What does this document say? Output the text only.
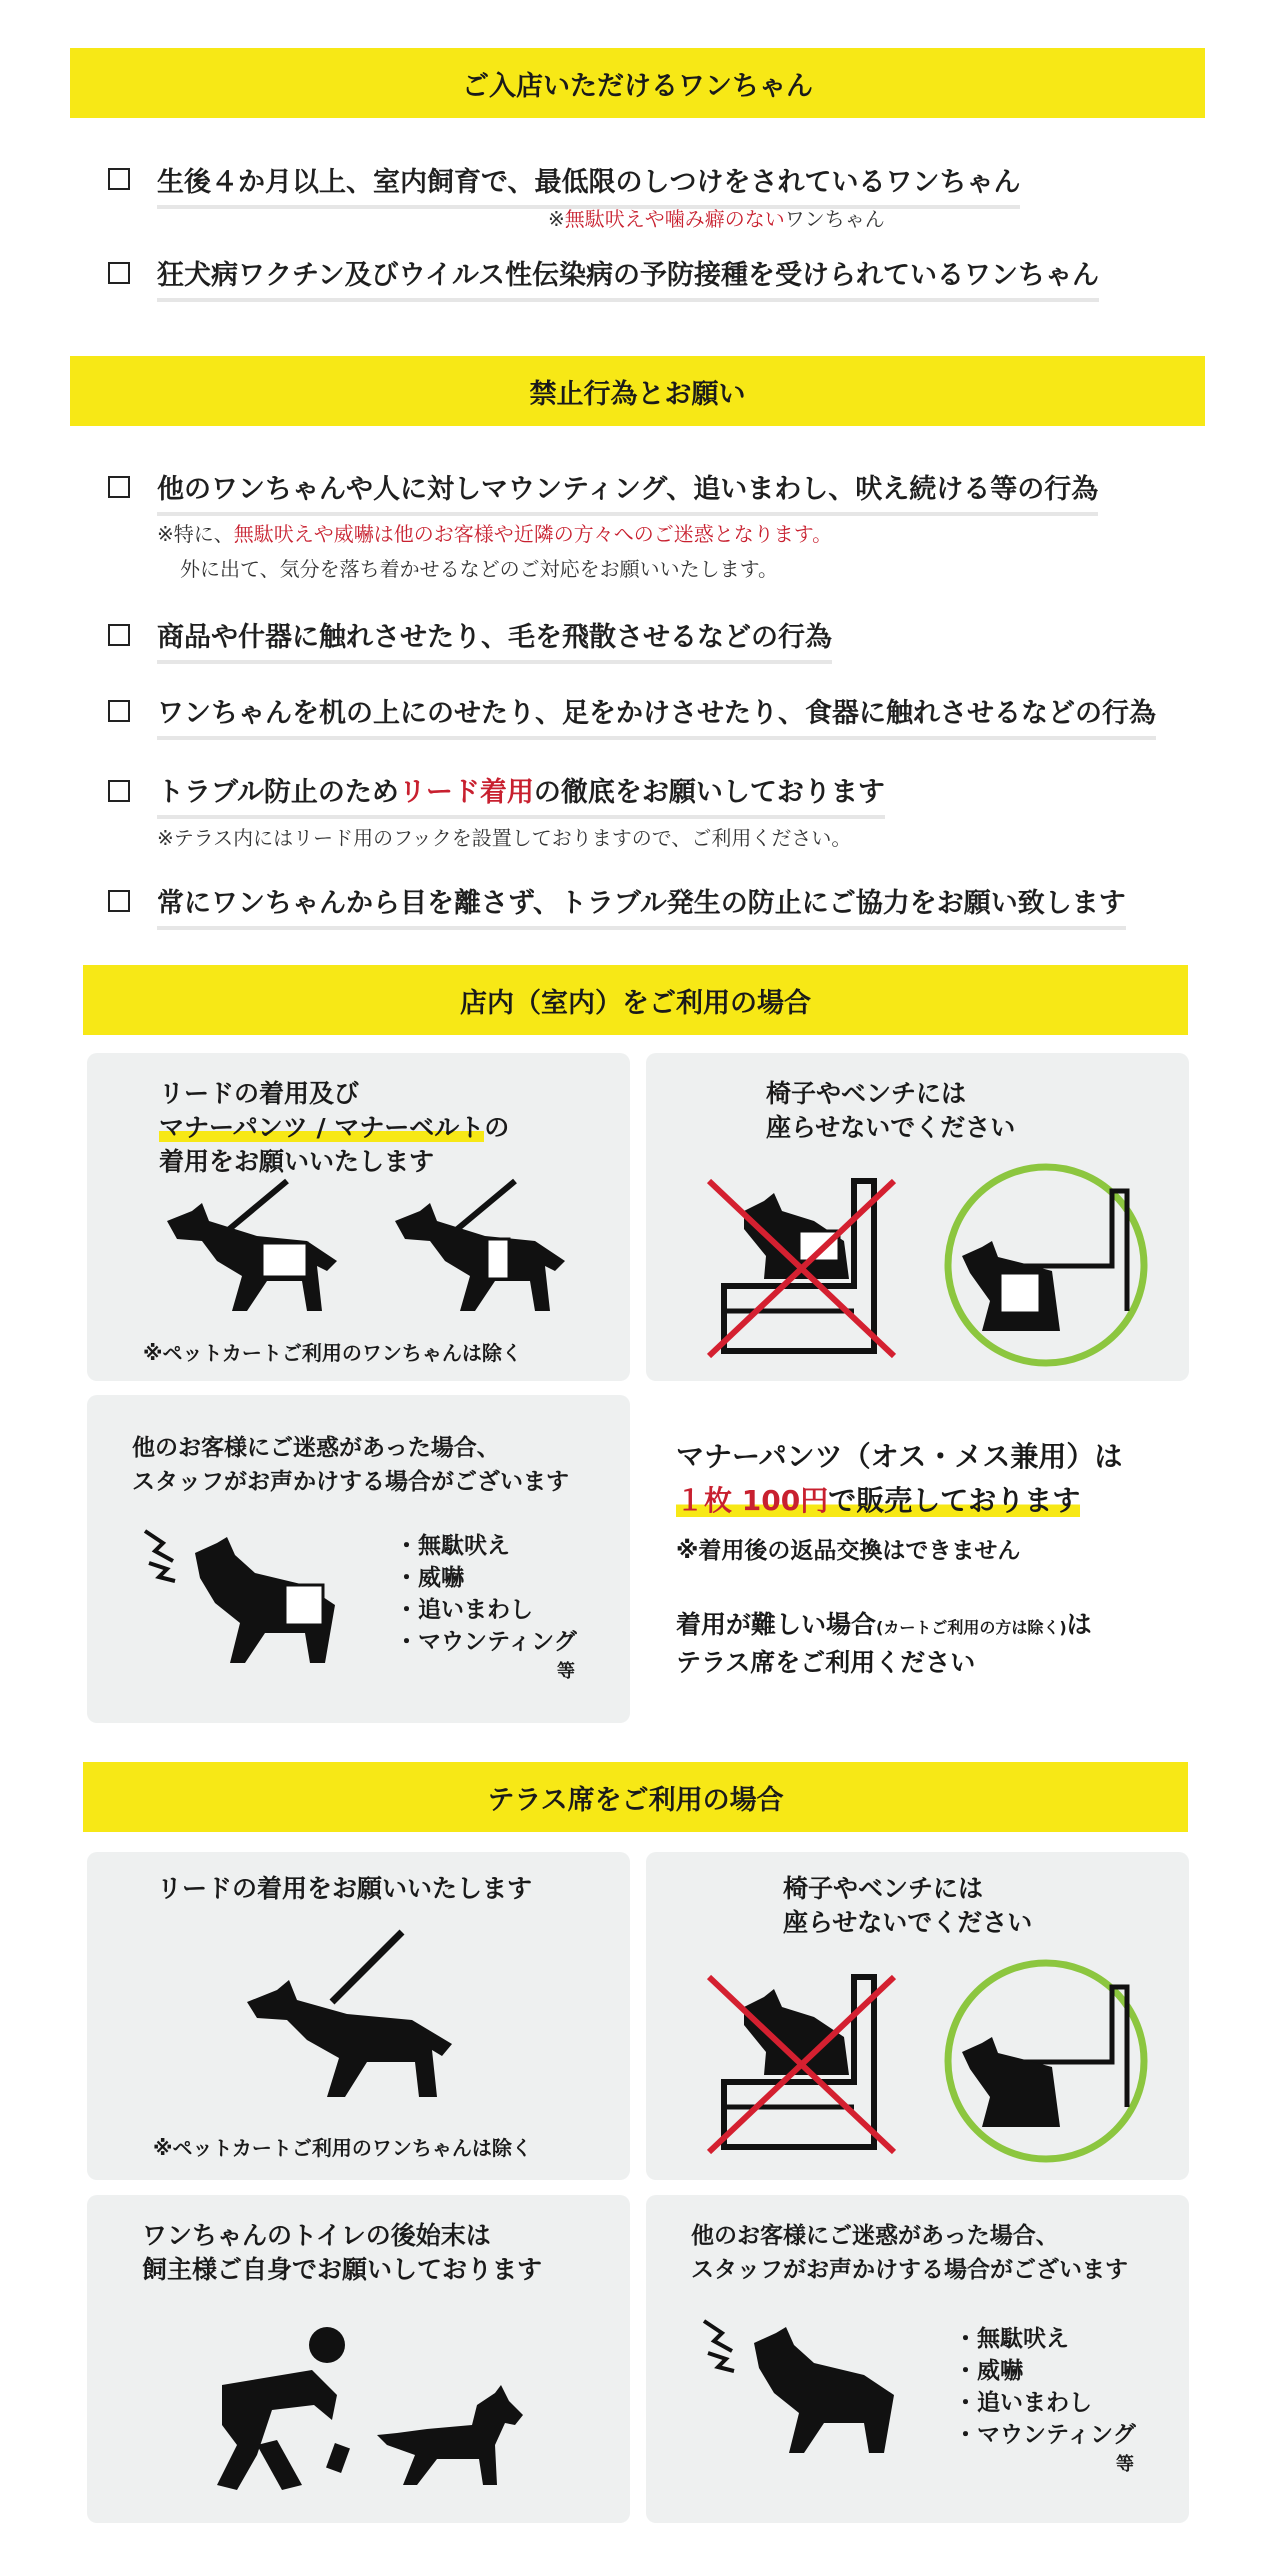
ご入店いただけるワンちゃん
生後４か月以上、室内飼育で、最低限のしつけをされているワンちゃん
※無駄吠えや噛み癖のないワンちゃん
狂犬病ワクチン及びウイルス性伝染病の予防接種を受けられているワンちゃん
禁止行為とお願い
他のワンちゃんや人に対しマウンティング、追いまわし、吠え続ける等の行為
※特に、無駄吠えや威嚇は他のお客様や近隣の方々へのご迷惑となります。
外に出て、気分を落ち着かせるなどのご対応をお願いいたします。
商品や什器に触れさせたり、毛を飛散させるなどの行為
ワンちゃんを机の上にのせたり、足をかけさせたり、食器に触れさせるなどの行為
トラブル防止のためリード着用の徹底をお願いしております
※テラス内にはリード用のフックを設置しておりますので、ご利用ください。
常にワンちゃんから目を離さず、トラブル発生の防止にご協力をお願い致します
店内（室内）をご利用の場合
リードの着用及び
マナーパンツ / マナーベルトの
着用をお願いいたします
※ペットカートご利用のワンちゃんは除く
椅子やベンチには
座らせないでください
他のお客様にご迷惑があった場合、
スタッフがお声かけする場合がございます
・無駄吠え
・威嚇
・追いまわし
・マウンティング
等
マナーパンツ（オス・メス兼用）は
１枚 100円で販売しております
※着用後の返品交換はできません
着用が難しい場合(カートご利用の方は除く)は
テラス席をご利用ください
テラス席をご利用の場合
リードの着用をお願いいたします
※ペットカートご利用のワンちゃんは除く
椅子やベンチには
座らせないでください
ワンちゃんのトイレの後始末は
飼主様ご自身でお願いしております
他のお客様にご迷惑があった場合、
スタッフがお声かけする場合がございます
・無駄吠え
・威嚇
・追いまわし
・マウンティング
等
